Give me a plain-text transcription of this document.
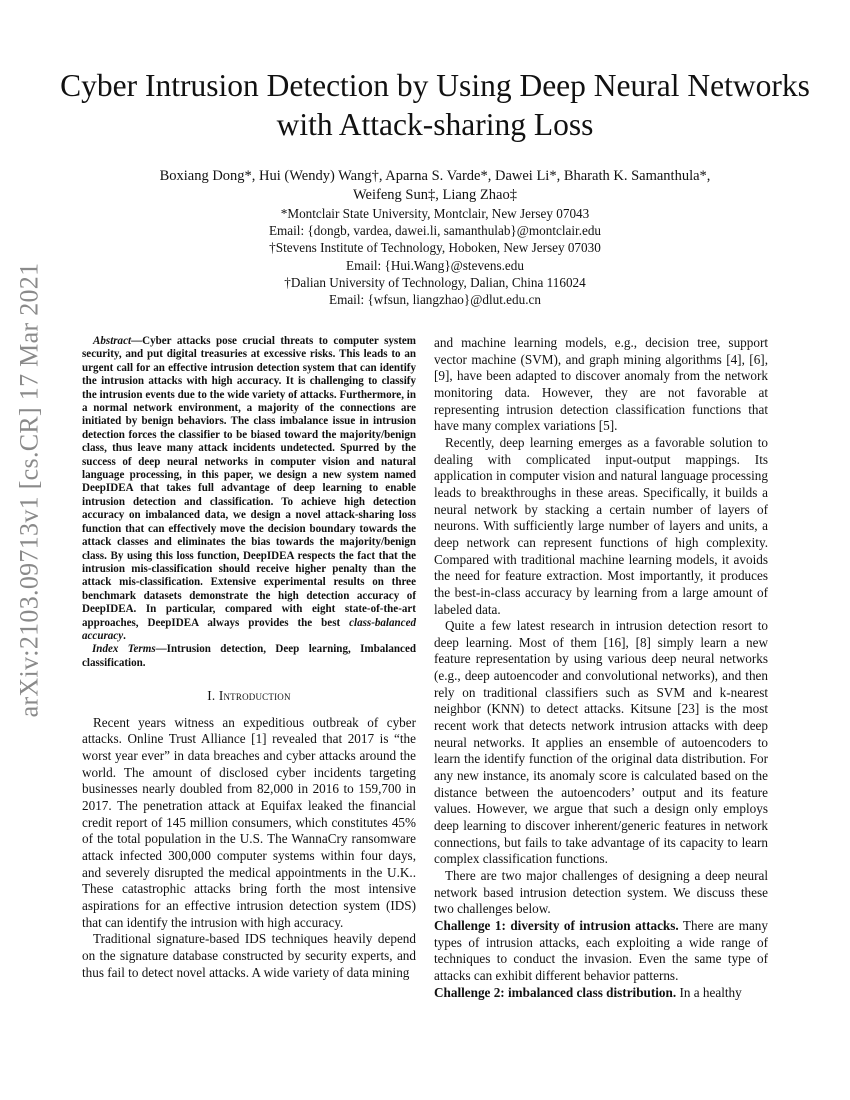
arXiv:2103.09713v1 [cs.CR] 17 Mar 2021
Cyber Intrusion Detection by Using Deep Neural Networks with Attack-sharing Loss
Boxiang Dong*, Hui (Wendy) Wang†, Aparna S. Varde*, Dawei Li*, Bharath K. Samanthula*,
Weifeng Sun‡, Liang Zhao‡
*Montclair State University, Montclair, New Jersey 07043
Email: {dongb, vardea, dawei.li, samanthulab}@montclair.edu
†Stevens Institute of Technology, Hoboken, New Jersey 07030
Email: {Hui.Wang}@stevens.edu
†Dalian University of Technology, Dalian, China 116024
Email: {wfsun, liangzhao}@dlut.edu.cn

Abstract—Cyber attacks pose crucial threats to computer system security, and put digital treasuries at excessive risks. This leads to an urgent call for an effective intrusion detection system that can identify the intrusion attacks with high accuracy. It is challenging to classify the intrusion events due to the wide variety of attacks. Furthermore, in a normal network environment, a majority of the connections are initiated by benign behaviors. The class imbalance issue in intrusion detection forces the classifier to be biased toward the majority/benign class, thus leave many attack incidents undetected. Spurred by the success of deep neural networks in computer vision and natural language processing, in this paper, we design a new system named DeepIDEA that takes full advantage of deep learning to enable intrusion detection and classification. To achieve high detection accuracy on imbalanced data, we design a novel attack-sharing loss function that can effectively move the decision boundary towards the attack classes and eliminates the bias towards the majority/benign class. By using this loss function, DeepIDEA respects the fact that the intrusion mis-classification should receive higher penalty than the attack mis-classification. Extensive experimental results on three benchmark datasets demonstrate the high detection accuracy of DeepIDEA. In particular, compared with eight state-of-the-art approaches, DeepIDEA always provides the best class-balanced accuracy.

Index Terms—Intrusion detection, Deep learning, Imbalanced classification.

I. Introduction

Recent years witness an expeditious outbreak of cyber attacks. Online Trust Alliance [1] revealed that 2017 is “the worst year ever” in data breaches and cyber attacks around the world. The amount of disclosed cyber incidents targeting businesses nearly doubled from 82,000 in 2016 to 159,700 in 2017. The penetration attack at Equifax leaked the financial credit report of 145 million consumers, which constitutes 45% of the total population in the U.S. The WannaCry ransomware attack infected 300,000 computer systems within four days, and severely disrupted the medical appointments in the U.K.. These catastrophic attacks bring forth the most intensive aspirations for an effective intrusion detection system (IDS) that can identify the intrusion with high accuracy.

Traditional signature-based IDS techniques heavily depend on the signature database constructed by security experts, and thus fail to detect novel attacks. A wide variety of data mining

and machine learning models, e.g., decision tree, support vector machine (SVM), and graph mining algorithms [4], [6], [9], have been adapted to discover anomaly from the network monitoring data. However, they are not favorable at representing intrusion detection classification functions that have many complex variations [5].

Recently, deep learning emerges as a favorable solution to dealing with complicated input-output mappings. Its application in computer vision and natural language processing leads to breakthroughs in these areas. Specifically, it builds a neural network by stacking a certain number of layers of neurons. With sufficiently large number of layers and units, a deep network can represent functions of high complexity. Compared with traditional machine learning models, it avoids the need for feature extraction. Most importantly, it produces the best-in-class accuracy by learning from a large amount of labeled data.

Quite a few latest research in intrusion detection resort to deep learning. Most of them [16], [8] simply learn a new feature representation by using various deep neural networks (e.g., deep autoencoder and convolutional networks), and then rely on traditional classifiers such as SVM and k-nearest neighbor (KNN) to detect attacks. Kitsune [23] is the most recent work that detects network intrusion attacks with deep neural networks. It applies an ensemble of autoencoders to learn the identify function of the original data distribution. For any new instance, its anomaly score is calculated based on the distance between the autoencoders’ output and its feature values. However, we argue that such a design only employs deep learning to discover inherent/generic features in network connections, but fails to take advantage of its capacity to learn complex classification functions.

There are two major challenges of designing a deep neural network based intrusion detection system. We discuss these two challenges below.

Challenge 1: diversity of intrusion attacks. There are many types of intrusion attacks, each exploiting a wide range of techniques to conduct the invasion. Even the same type of attacks can exhibit different behavior patterns.

Challenge 2: imbalanced class distribution. In a healthy
